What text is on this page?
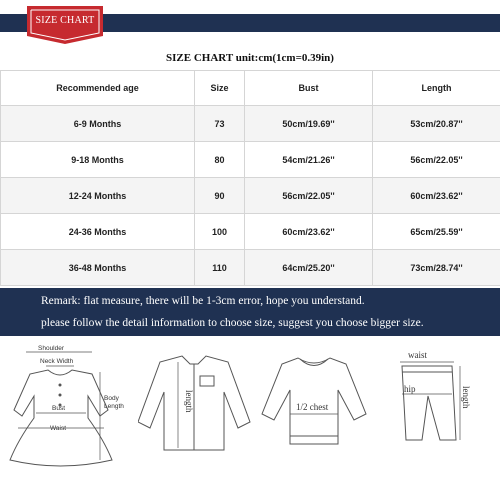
SIZE CHART
SIZE CHART unit:cm(1cm=0.39in)
Recommended age	Size	Bust	Length
6-9 Months	73	50cm/19.69''	53cm/20.87''
9-18 Months	80	54cm/21.26''	56cm/22.05''
12-24 Months	90	56cm/22.05''	60cm/23.62''
24-36 Months	100	60cm/23.62''	65cm/25.59''
36-48 Months	110	64cm/25.20''	73cm/28.74''
Remark: flat measure, there will be 1-3cm error, hope you understand.
please follow the detail information to choose size, suggest you choose bigger size.
Shoulder
Neck Width
Bust
Waist
Body
Length	length	1/2 chest
waist
hip	length
